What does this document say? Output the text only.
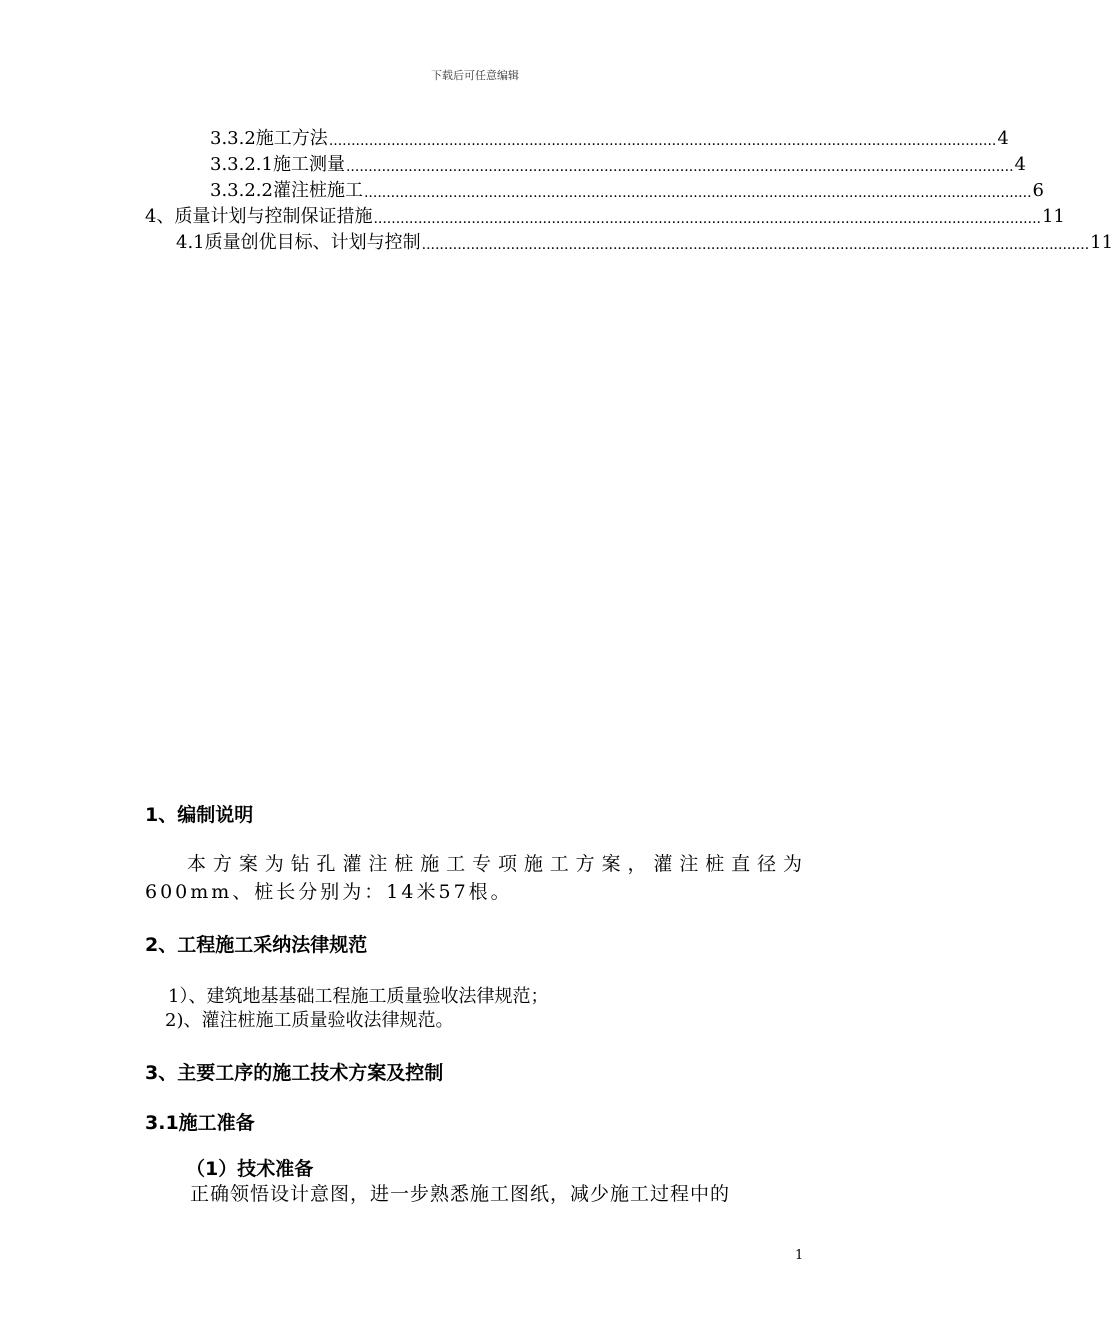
下载后可任意编辑
3.3.2施工方法 ...................................................................................................................................................... 4
3.3.2.1施工测量 ...................................................................................................................................................... 4
3.3.2.2灌注桩施工 ...................................................................................................................................................... 6
4、质量计划与控制保证措施 ...................................................................................................................................................... 11
4.1质量创优目标、计划与控制 ...................................................................................................................................................... 11
1、编制说明
本方案为钻孔灌注桩施工专项施工方案，灌注桩直径为600mm、桩长分别为：14米57根。
2、工程施工采纳法律规范
1）、建筑地基基础工程施工质量验收法律规范；
2)、灌注桩施工质量验收法律规范。
3、主要工序的施工技术方案及控制
3.1施工准备
（1）技术准备
正确领悟设计意图，进一步熟悉施工图纸，减少施工过程中的
1
